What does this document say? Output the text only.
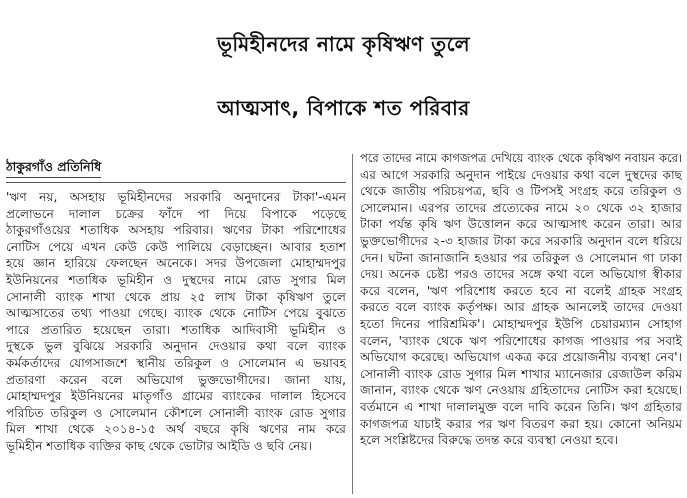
ভূমিহীনদের নামে কৃষিঋণ তুলে
আত্মসাৎ, বিপাকে শত পরিবার
ঠাকুরগাঁও প্রতিনিধি

'ঋণ নয়, অসহায় ভূমিহীনদের সরকারি অনুদানের টাকা'-এমন

প্রলোভনে দালাল চক্রের ফাঁদে পা দিয়ে বিপাকে পড়েছে

ঠাকুরগাঁওয়ের শতাধিক অসহায় পরিবার। ঋণের টাকা পরিশোধের

নোটিস পেয়ে এখন কেউ কেউ পালিয়ে বেড়াচ্ছেন। আবার হতাশ

হয়ে জ্ঞান হারিয়ে ফেলছেন অনেকে। সদর উপজেলা মোহাম্মদপুর

ইউনিয়নের শতাধিক ভূমিহীন ও দুস্থদের নামে রোড সুগার মিল

সোনালী ব্যাংক শাখা থেকে প্রায় ২৫ লাখ টাকা কৃষিঋণ তুলে

আত্মসাতের তথ্য পাওয়া গেছে। ব্যাংক থেকে নোটিস পেয়ে বুঝতে

পারে প্রতারিত হয়েছেন তারা। শতাধিক আদিবাসী ভূমিহীন ও

দুস্থকে ভুল বুঝিয়ে সরকারি অনুদান দেওয়ার কথা বলে ব্যাংক

কর্মকর্তাদের যোগসাজশে স্থানীয় তরিকুল ও সোলেমান এ ভয়াবহ

প্রতারণা করেন বলে অভিযোগ ভুক্তভোগীদের। জানা যায়,

মোহাম্মদপুর ইউনিয়নের মাতৃগাঁও গ্রামের ব্যাংকের দালাল হিসেবে

পরিচিত তরিকুল ও সোলেমান কৌশলে সোনালী ব্যাংক রোড সুগার

মিল শাখা থেকে ২০১৪-১৫ অর্থ বছরে কৃষি ঋণের নাম করে

ভূমিহীন শতাধিক ব্যক্তির কাছ থেকে ভোটার আইডি ও ছবি নেয়।

পরে তাদের নামে কাগজপত্র দেখিয়ে ব্যাংক থেকে কৃষিঋণ নবায়ন করে।

এর আগে সরকারি অনুদান পাইয়ে দেওয়ার কথা বলে দুস্থদের কাছ

থেকে জাতীয় পরিচয়পত্র, ছবি ও টিপসই সংগ্রহ করে তরিকুল ও

সোলেমান। এরপর তাদের প্রত্যেকের নামে ২০ থেকে ৩২ হাজার

টাকা পর্যন্ত কৃষি ঋণ উত্তোলন করে আত্মসাৎ করেন তারা। আর

ভুক্তভোগীদের ২-৩ হাজার টাকা করে সরকারি অনুদান বলে ধরিয়ে

দেন। ঘটনা জানাজানি হওয়ার পর তরিকুল ও সোলেমান গা ঢাকা

দেয়। অনেক চেষ্টা পরও তাদের সঙ্গে কথা বলে অভিযোগ স্বীকার

করে বলেন, 'ঋণ পরিশোধ করতে হবে না বলেই গ্রাহক সংগ্রহ

করতে বলে ব্যাংক কর্তৃপক্ষ। আর গ্রাহক আনলেই তাদের দেওয়া

হতো দিনের পারিশ্রমিক'। মোহাম্মদপুর ইউপি চেয়ারম্যান সোহাগ

বলেন, 'ব্যাংক থেকে ঋণ পরিশোধের কাগজ পাওয়ার পর সবাই

অভিযোগ করেছে। অভিযোগ একত্র করে প্রয়োজনীয় ব্যবস্থা নেব'।

সোনালী ব্যাংক রোড সুগার মিল শাখার ম্যানেজার রেজাউল করিম

জানান, ব্যাংক থেকে ঋণ নেওয়ায় গ্রহিতাদের নোটিস করা হয়েছে।

বর্তমানে এ শাখা দালালমুক্ত বলে দাবি করেন তিনি। ঋণ গ্রহিতার

কাগজপত্র যাচাই করার পর ঋণ বিতরণ করা হয়। কোনো অনিয়ম

হলে সংশ্লিষ্টদের বিরুদ্ধে তদন্ত করে ব্যবস্থা নেওয়া হবে।
